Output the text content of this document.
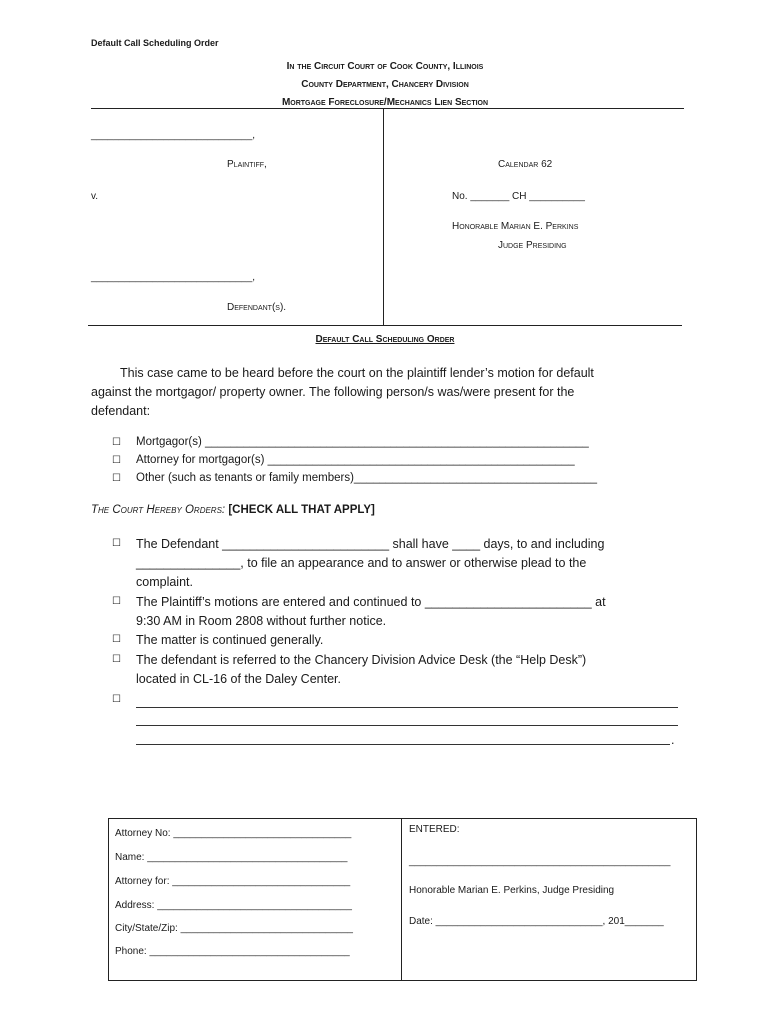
Default Call Scheduling Order
In the Circuit Court of Cook County, Illinois
County Department, Chancery Division
Mortgage Foreclosure/Mechanics Lien Section
_____________________________,
Plaintiff,
v.
_____________________________,
Defendant(s).
Calendar 62
No. _______ CH __________
Honorable Marian E. Perkins
Judge Presiding
Default Call Scheduling Order
This case came to be heard before the court on the plaintiff lender’s motion for default
against the mortgagor/ property owner. The following person/s was/were present for the
defendant:
☐ Mortgagor(s) ____________________________________________________________
☐ Attorney for mortgagor(s) ________________________________________________
☐ Other (such as tenants or family members)______________________________________
The Court Hereby Orders: [CHECK ALL THAT APPLY]
☐ The Defendant ________________________ shall have ____ days, to and including
_______________, to file an appearance and to answer or otherwise plead to the
complaint.
☐ The Plaintiff’s motions are entered and continued to ________________________ at
9:30 AM in Room 2808 without further notice.
☐ The matter is continued generally.
☐ The defendant is referred to the Chancery Division Advice Desk (the “Help Desk”)
located in CL-16 of the Daley Center.
☐
.
Attorney No: ________________________________
Name: ____________________________________
Attorney for: ________________________________
Address: ___________________________________
City/State/Zip: _______________________________
Phone: ____________________________________
ENTERED:
_______________________________________________
Honorable Marian E. Perkins, Judge Presiding
Date: ______________________________, 201_______
